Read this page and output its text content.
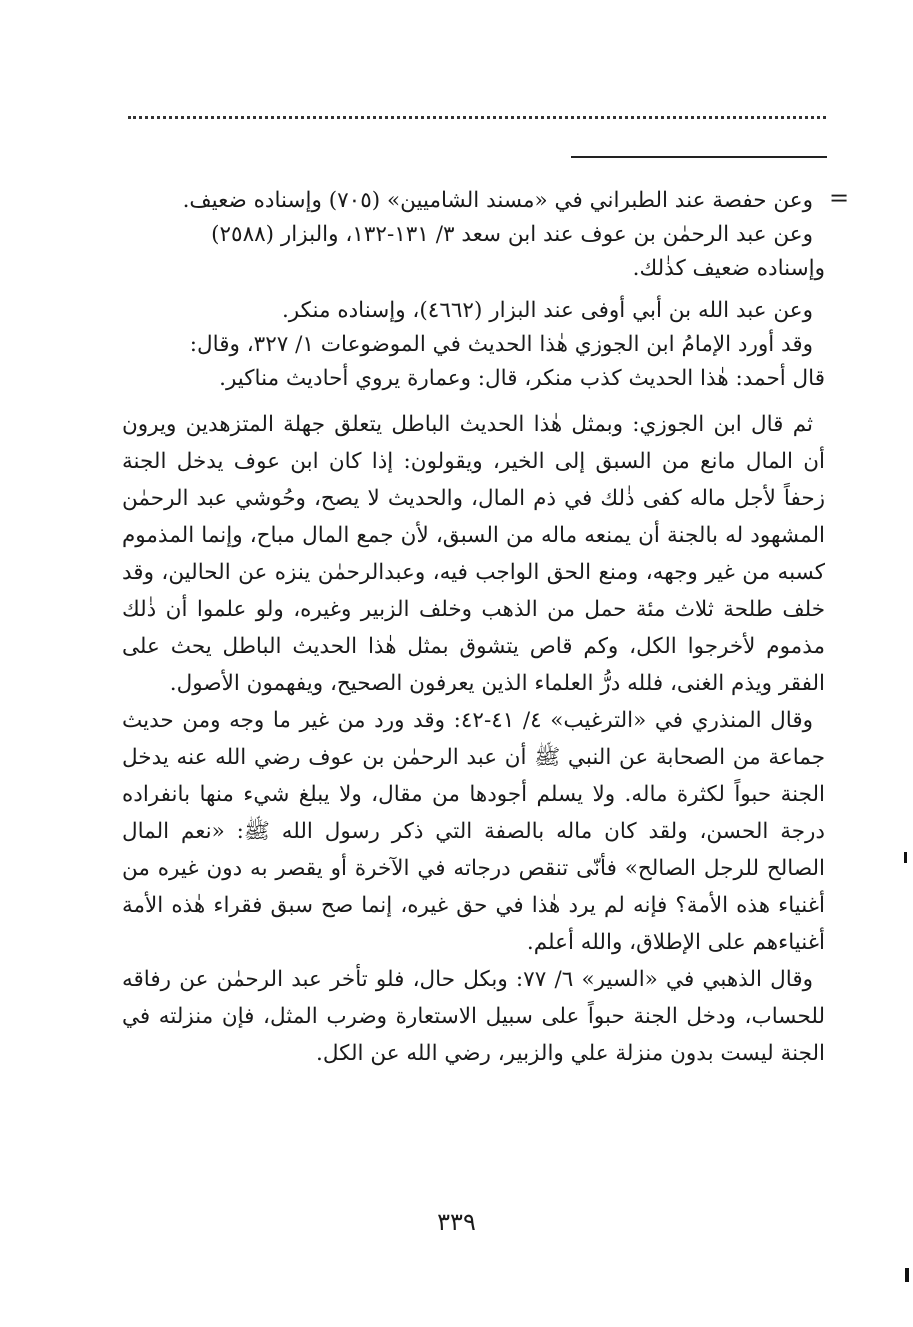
=

وعن حفصة عند الطبراني في «مسند الشاميين» (٧٠٥) وإسناده ضعيف.

وعن عبد الرحمٰن بن عوف عند ابن سعد ٣/ ١٣١-١٣٢، والبزار (٢٥٨٨)

وإسناده ضعيف كذٰلك.

وعن عبد الله بن أبي أوفى عند البزار (٤٦٦٢)، وإسناده منكر.

وقد أورد الإمامُ ابن الجوزي هٰذا الحديث في الموضوعات ١/ ٣٢٧، وقال:

قال أحمد: هٰذا الحديث كذب منكر، قال: وعمارة يروي أحاديث مناكير.

ثم قال ابن الجوزي: وبمثل هٰذا الحديث الباطل يتعلق جهلة المتزهدين ويرون أن المال مانع من السبق إلى الخير، ويقولون: إذا كان ابن عوف يدخل الجنة زحفاً لأجل ماله كفى ذٰلك في ذم المال، والحديث لا يصح، وحُوشي عبد الرحمٰن المشهود له بالجنة أن يمنعه ماله من السبق، لأن جمع المال مباح، وإنما المذموم كسبه من غير وجهه، ومنع الحق الواجب فيه، وعبدالرحمٰن ينزه عن الحالين، وقد خلف طلحة ثلاث مئة حمل من الذهب وخلف الزبير وغيره، ولو علموا أن ذٰلك مذموم لأخرجوا الكل، وكم قاص يتشوق بمثل هٰذا الحديث الباطل يحث على الفقر ويذم الغنى، فلله درُّ العلماء الذين يعرفون الصحيح، ويفهمون الأصول.

وقال المنذري في «الترغيب» ٤/ ٤١-٤٢: وقد ورد من غير ما وجه ومن حديث جماعة من الصحابة عن النبي ﷺ أن عبد الرحمٰن بن عوف رضي الله عنه يدخل الجنة حبواً لكثرة ماله. ولا يسلم أجودها من مقال، ولا يبلغ شيء منها بانفراده درجة الحسن، ولقد كان ماله بالصفة التي ذكر رسول الله ﷺ: «نعم المال الصالح للرجل الصالح» فأنّى تنقص درجاته في الآخرة أو يقصر به دون غيره من أغنياء هذه الأمة؟ فإنه لم يرد هٰذا في حق غيره، إنما صح سبق فقراء هٰذه الأمة أغنياءهم على الإطلاق، والله أعلم.

وقال الذهبي في «السير» ٦/ ٧٧: وبكل حال، فلو تأخر عبد الرحمٰن عن رفاقه للحساب، ودخل الجنة حبواً على سبيل الاستعارة وضرب المثل، فإن منزلته في الجنة ليست بدون منزلة علي والزبير، رضي الله عن الكل.

٣٣٩
